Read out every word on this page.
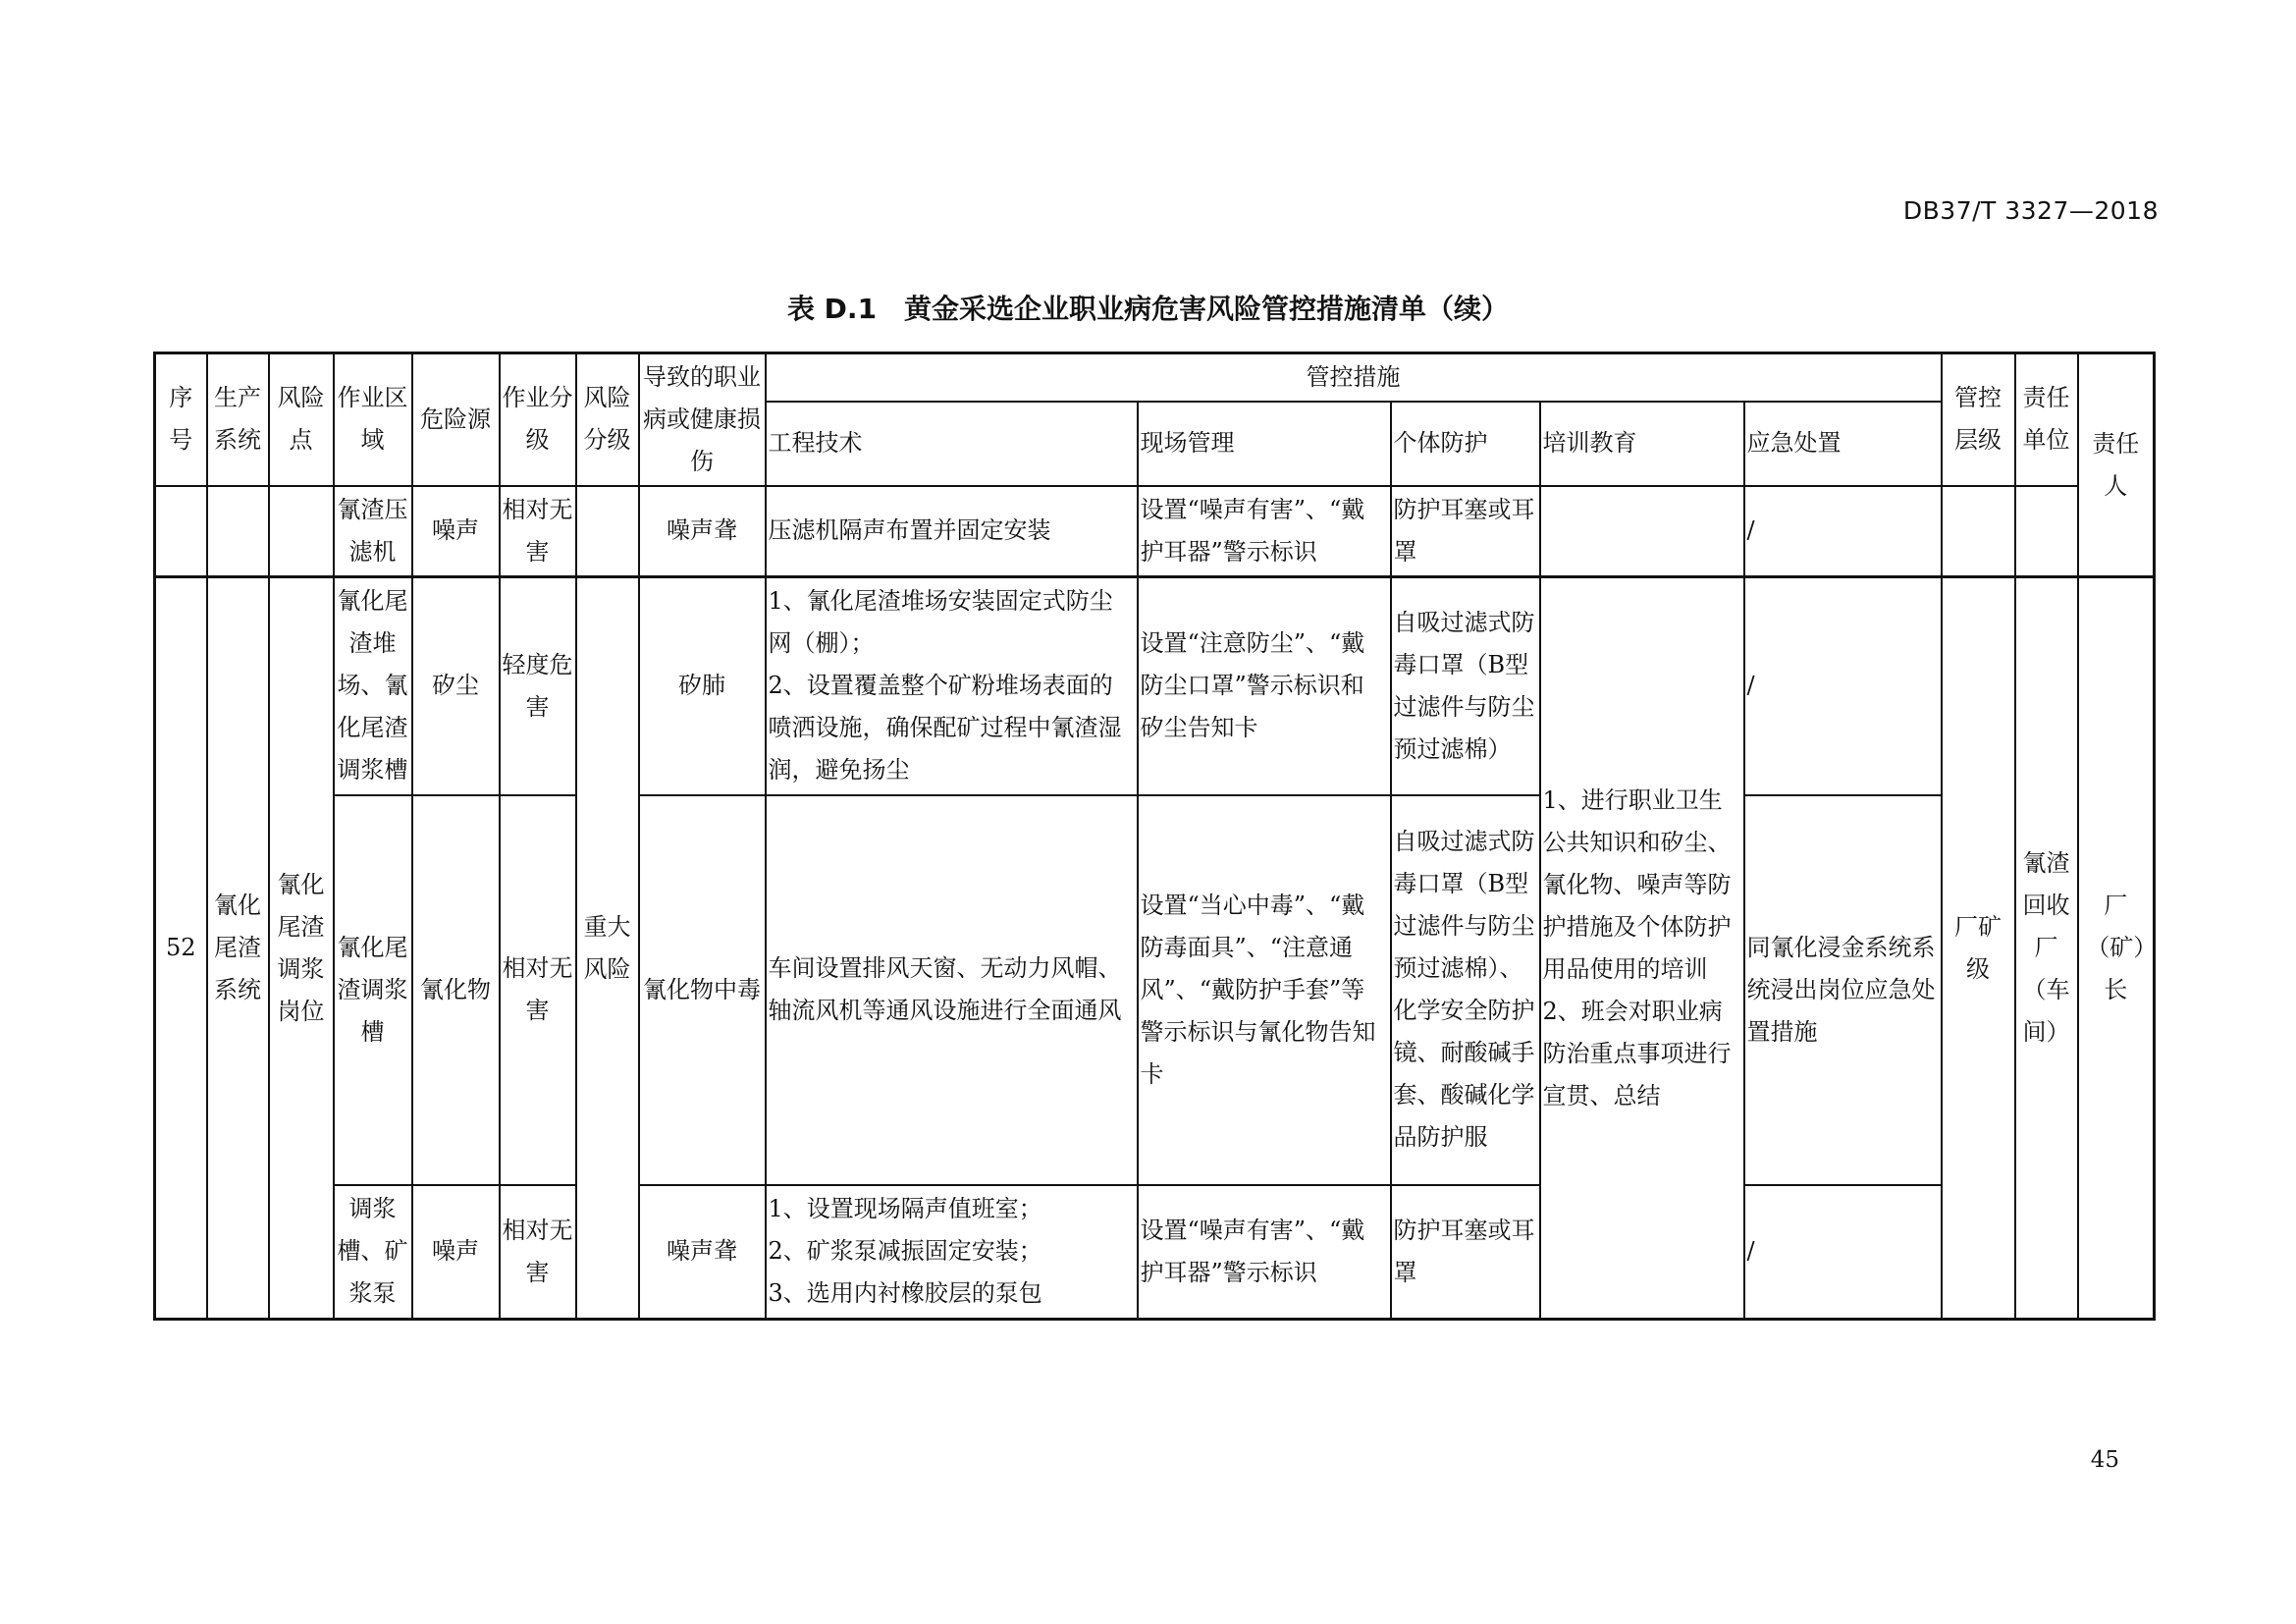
DB37/T 3327—2018
表 D.1　黄金采选企业职业病危害风险管控措施清单（续）
序号	生产系统	风险点	作业区域	危险源	作业分级	风险分级	导致的职业病或健康损伤	管控措施					管控层级	责任单位	责任人
								工程技术	现场管理	个体防护	培训教育	应急处置			
			氰渣压滤机	噪声	相对无害		噪声聋	压滤机隔声布置并固定安装	设置“噪声有害”、“戴护耳器”警示标识	防护耳塞或耳罩		/			
52	氰化尾渣系统	氰化尾渣调浆岗位	氰化尾渣堆场、氰化尾渣调浆槽	矽尘	轻度危害	重大风险	矽肺	1、氰化尾渣堆场安装固定式防尘网（棚）；
2、设置覆盖整个矿粉堆场表面的喷洒设施，确保配矿过程中氰渣湿润，避免扬尘	设置“注意防尘”、“戴防尘口罩”警示标识和矽尘告知卡	自吸过滤式防毒口罩（B型过滤件与防尘预过滤棉）	1、进行职业卫生公共知识和矽尘、氰化物、噪声等防护措施及个体防护用品使用的培训
2、班会对职业病防治重点事项进行宣贯、总结	/	厂矿级	氰渣回收厂（车间）	厂（矿）长
			氰化尾渣调浆槽	氰化物	相对无害		氰化物中毒	车间设置排风天窗、无动力风帽、轴流风机等通风设施进行全面通风	设置“当心中毒”、“戴防毒面具”、“注意通风”、“戴防护手套”等警示标识与氰化物告知卡	自吸过滤式防毒口罩（B型过滤件与防尘预过滤棉）、化学安全防护镜、耐酸碱手套、酸碱化学品防护服		同氰化浸金系统系统浸出岗位应急处置措施			
			调浆槽、矿浆泵	噪声	相对无害		噪声聋	1、设置现场隔声值班室；
2、矿浆泵减振固定安装；
3、选用内衬橡胶层的泵包	设置“噪声有害”、“戴护耳器”警示标识	防护耳塞或耳罩		/			
45
